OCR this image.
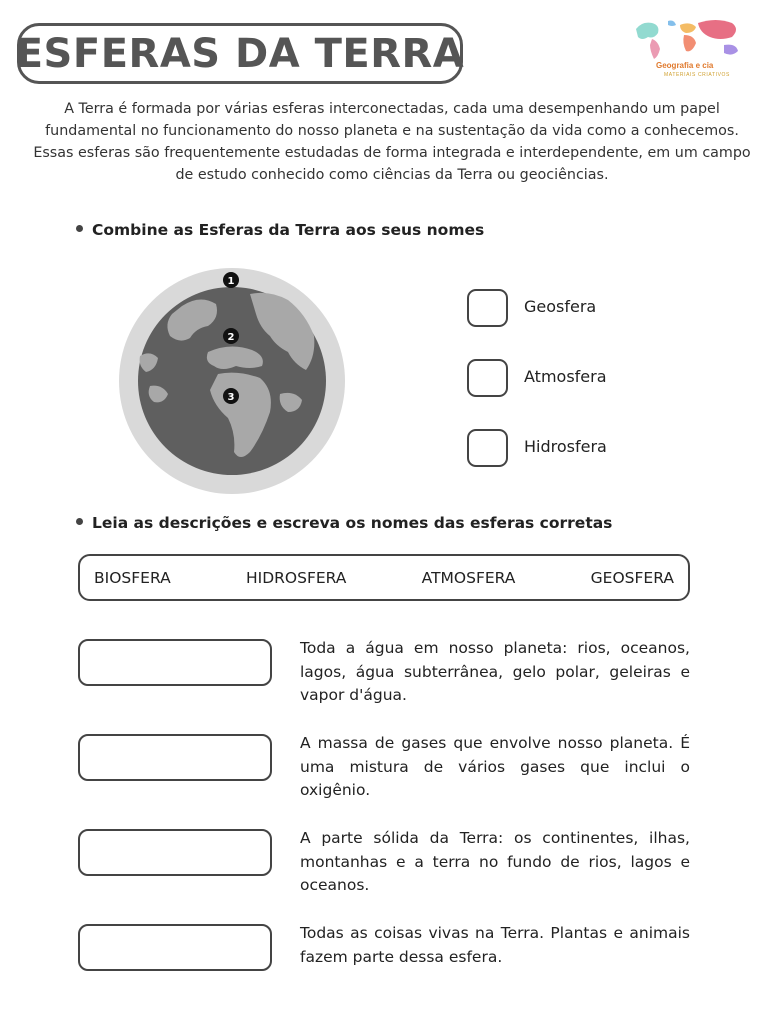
ESFERAS DA TERRA	Geografia e cia
MATERIAIS CRIATIVOS

A Terra é formada por várias esferas interconectadas, cada uma desempenhando um papel fundamental no funcionamento do nosso planeta e na sustentação da vida como a conhecemos. Essas esferas são frequentemente estudadas de forma integrada e interdependente, em um campo de estudo conhecido como ciências da Terra ou geociências.

Combine as Esferas da Terra aos seus nomes
1
2
3
Geosfera
Atmosfera
Hidrosfera
Leia as descrições e escreva os nomes das esferas corretas
BIOSFERA	HIDROSFERA	ATMOSFERA	GEOSFERA
Toda a água em nosso planeta: rios, oceanos, lagos, água subterrânea, gelo polar, geleiras e vapor d'água.
A massa de gases que envolve nosso planeta. É uma mistura de vários gases que inclui o oxigênio.
A parte sólida da Terra: os continentes, ilhas, montanhas e a terra no fundo de rios, lagos e oceanos.
Todas as coisas vivas na Terra. Plantas e animais fazem parte dessa esfera.
